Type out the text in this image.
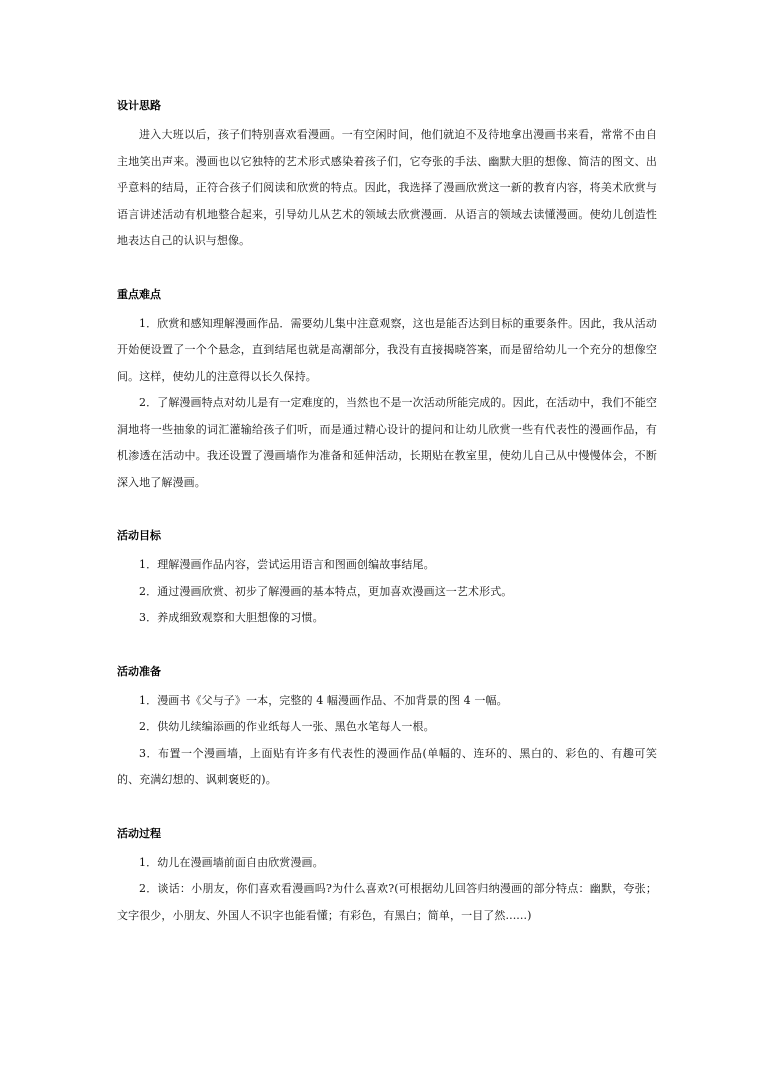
设计思路

进入大班以后，孩子们特别喜欢看漫画。一有空闲时间，他们就迫不及待地拿出漫画书来看，常常不由自主地笑出声来。漫画也以它独特的艺术形式感染着孩子们，它夸张的手法、幽默大胆的想像、简洁的图文、出乎意料的结局，正符合孩子们阅读和欣赏的特点。因此，我选择了漫画欣赏这一新的教育内容，将美术欣赏与语言讲述活动有机地整合起来，引导幼儿从艺术的领域去欣赏漫画．从语言的领域去读懂漫画。使幼儿创造性地表达自己的认识与想像。

重点难点

1．欣赏和感知理解漫画作品．需要幼儿集中注意观察，这也是能否达到目标的重要条件。因此，我从活动开始便设置了一个个悬念，直到结尾也就是高潮部分，我没有直接揭晓答案，而是留给幼儿一个充分的想像空间。这样，使幼儿的注意得以长久保持。

2．了解漫画特点对幼儿是有一定难度的，当然也不是一次活动所能完成的。因此，在活动中，我们不能空洞地将一些抽象的词汇灌输给孩子们听，而是通过精心设计的提问和让幼儿欣赏一些有代表性的漫画作品，有机渗透在活动中。我还设置了漫画墙作为准备和延伸活动，长期贴在教室里，使幼儿自己从中慢慢体会，不断深入地了解漫画。

活动目标

1．理解漫画作品内容，尝试运用语言和图画创编故事结尾。

2．通过漫画欣赏、初步了解漫画的基本特点，更加喜欢漫画这一艺术形式。

3．养成细致观察和大胆想像的习惯。

活动准备

1．漫画书《父与子》一本，完整的 4 幅漫画作品、不加背景的图 4 一幅。

2．供幼儿续编添画的作业纸每人一张、黑色水笔每人一根。

3．布置一个漫画墙，上面贴有许多有代表性的漫画作品(单幅的、连环的、黑白的、彩色的、有趣可笑的、充满幻想的、讽刺褒贬的)。

活动过程

1．幼儿在漫画墙前面自由欣赏漫画。

2．谈话：小朋友，你们喜欢看漫画吗?为什么喜欢?(可根据幼儿回答归纳漫画的部分特点：幽默，夸张；文字很少，小朋友、外国人不识字也能看懂；有彩色，有黑白；简单，一目了然......)
